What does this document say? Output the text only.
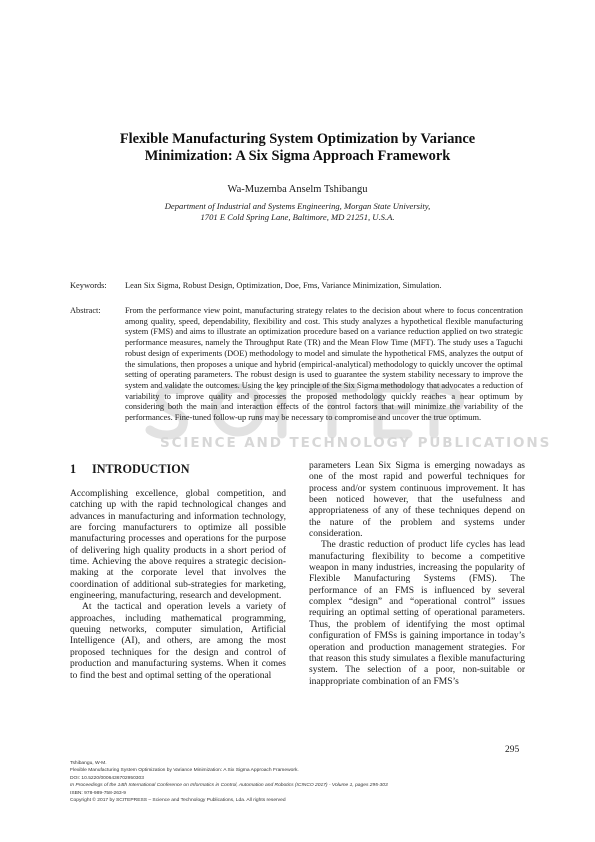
Flexible Manufacturing System Optimization by Variance
Minimization: A Six Sigma Approach Framework
Wa-Muzemba Anselm Tshibangu
Department of Industrial and Systems Engineering, Morgan State University,
1701 E Cold Spring Lane, Baltimore, MD 21251, U.S.A.
Keywords: Lean Six Sigma, Robust Design, Optimization, Doe, Fms, Variance Minimization, Simulation.
Abstract:
SCIENCE AND TECHNOLOGY PUBLICATIONS
From the performance view point, manufacturing strategy relates to the decision about where to focus concentration among quality, speed, dependability, flexibility and cost. This study analyzes a hypothetical flexible manufacturing system (FMS) and aims to illustrate an optimization procedure based on a variance reduction applied on two strategic performance measures, namely the Throughput Rate (TR) and the Mean Flow Time (MFT). The study uses a Taguchi robust design of experiments (DOE) methodology to model and simulate the hypothetical FMS, analyzes the output of the simulations, then proposes a unique and hybrid (empirical-analytical) methodology to quickly uncover the optimal setting of operating parameters. The robust design is used to guarantee the system stability necessary to improve the system and validate the outcomes. Using the key principle of the Six Sigma methodology that advocates a reduction of variability to improve quality and processes the proposed methodology quickly reaches a near optimum by considering both the main and interaction effects of the control factors that will minimize the variability of the performances. Fine-tuned follow-up runs may be necessary to compromise and uncover the true optimum.
1 INTRODUCTION

Accomplishing excellence, global competition, and catching up with the rapid technological changes and advances in manufacturing and information technology, are forcing manufacturers to optimize all possible manufacturing processes and operations for the purpose of delivering high quality products in a short period of time. Achieving the above requires a strategic decision-making at the corporate level that involves the coordination of additional sub-strategies for marketing, engineering, manufacturing, research and development.

At the tactical and operation levels a variety of approaches, including mathematical programming, queuing networks, computer simulation, Artificial Intelligence (AI), and others, are among the most proposed techniques for the design and control of production and manufacturing systems. When it comes to find the best and optimal setting of the operational

parameters Lean Six Sigma is emerging nowadays as one of the most rapid and powerful techniques for process and/or system continuous improvement. It has been noticed however, that the usefulness and appropriateness of any of these techniques depend on the nature of the problem and systems under consideration.

The drastic reduction of product life cycles has lead manufacturing flexibility to become a competitive weapon in many industries, increasing the popularity of Flexible Manufacturing Systems (FMS). The performance of an FMS is influenced by several complex “design” and “operational control” issues requiring an optimal setting of operational parameters. Thus, the problem of identifying the most optimal configuration of FMSs is gaining importance in today’s operation and production management strategies. For that reason this study simulates a flexible manufacturing system. The selection of a poor, non-suitable or inappropriate combination of an FMS’s

295
Tshibangu, W-M.
Flexible Manufacturing System Optimization by Variance Minimization: A Six Sigma Approach Framework.
DOI: 10.5220/0006436702950303
In Proceedings of the 14th International Conference on Informatics in Control, Automation and Robotics (ICINCO 2017) - Volume 1, pages 295-303
ISBN: 978-989-758-263-9
Copyright © 2017 by SCITEPRESS – Science and Technology Publications, Lda. All rights reserved
